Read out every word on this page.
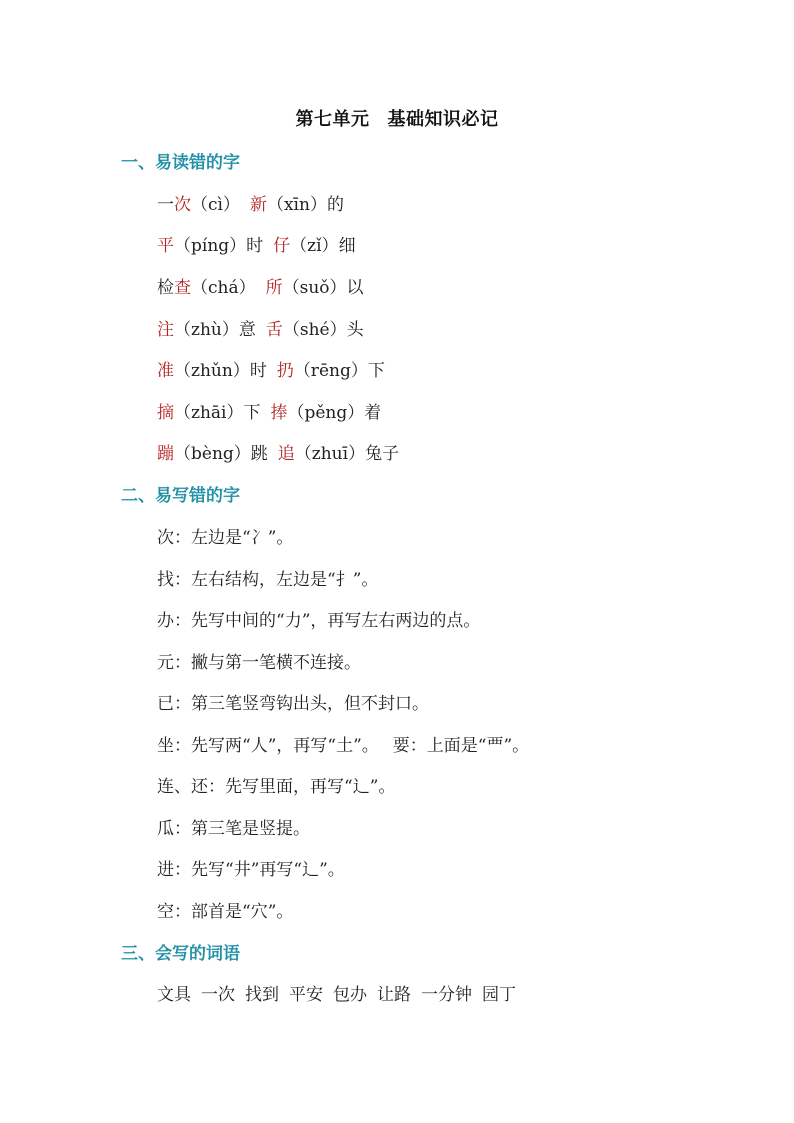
第七单元 基础知识必记
一、易读错的字
一次（cì） 新（xīn）的
平（píng）时 仔（zǐ）细
检查（chá） 所（suǒ）以
注（zhù）意 舌（shé）头
准（zhǔn）时 扔（rēng）下
摘（zhāi）下 捧（pěng）着
蹦（bèng）跳 追（zhuī）兔子
二、易写错的字
次：左边是“冫”。
找：左右结构，左边是“扌”。
办：先写中间的“力”，再写左右两边的点。
元：撇与第一笔横不连接。
已：第三笔竖弯钩出头，但不封口。
坐：先写两“人”，再写“土”。 要：上面是“覀”。
连、还：先写里面，再写“辶”。
瓜：第三笔是竖提。
进：先写“井”再写“辶”。
空：部首是“穴”。
三、会写的词语
文具 一次 找到 平安 包办 让路 一分钟 园丁
